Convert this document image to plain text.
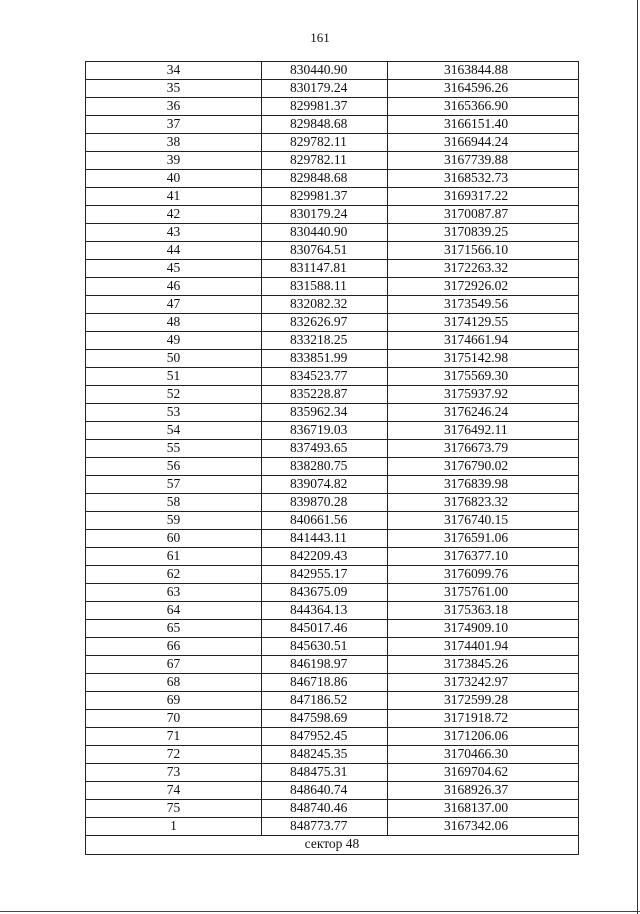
161
34	830440.90	3163844.88
35	830179.24	3164596.26
36	829981.37	3165366.90
37	829848.68	3166151.40
38	829782.11	3166944.24
39	829782.11	3167739.88
40	829848.68	3168532.73
41	829981.37	3169317.22
42	830179.24	3170087.87
43	830440.90	3170839.25
44	830764.51	3171566.10
45	831147.81	3172263.32
46	831588.11	3172926.02
47	832082.32	3173549.56
48	832626.97	3174129.55
49	833218.25	3174661.94
50	833851.99	3175142.98
51	834523.77	3175569.30
52	835228.87	3175937.92
53	835962.34	3176246.24
54	836719.03	3176492.11
55	837493.65	3176673.79
56	838280.75	3176790.02
57	839074.82	3176839.98
58	839870.28	3176823.32
59	840661.56	3176740.15
60	841443.11	3176591.06
61	842209.43	3176377.10
62	842955.17	3176099.76
63	843675.09	3175761.00
64	844364.13	3175363.18
65	845017.46	3174909.10
66	845630.51	3174401.94
67	846198.97	3173845.26
68	846718.86	3173242.97
69	847186.52	3172599.28
70	847598.69	3171918.72
71	847952.45	3171206.06
72	848245.35	3170466.30
73	848475.31	3169704.62
74	848640.74	3168926.37
75	848740.46	3168137.00
1	848773.77	3167342.06
сектор 48		
